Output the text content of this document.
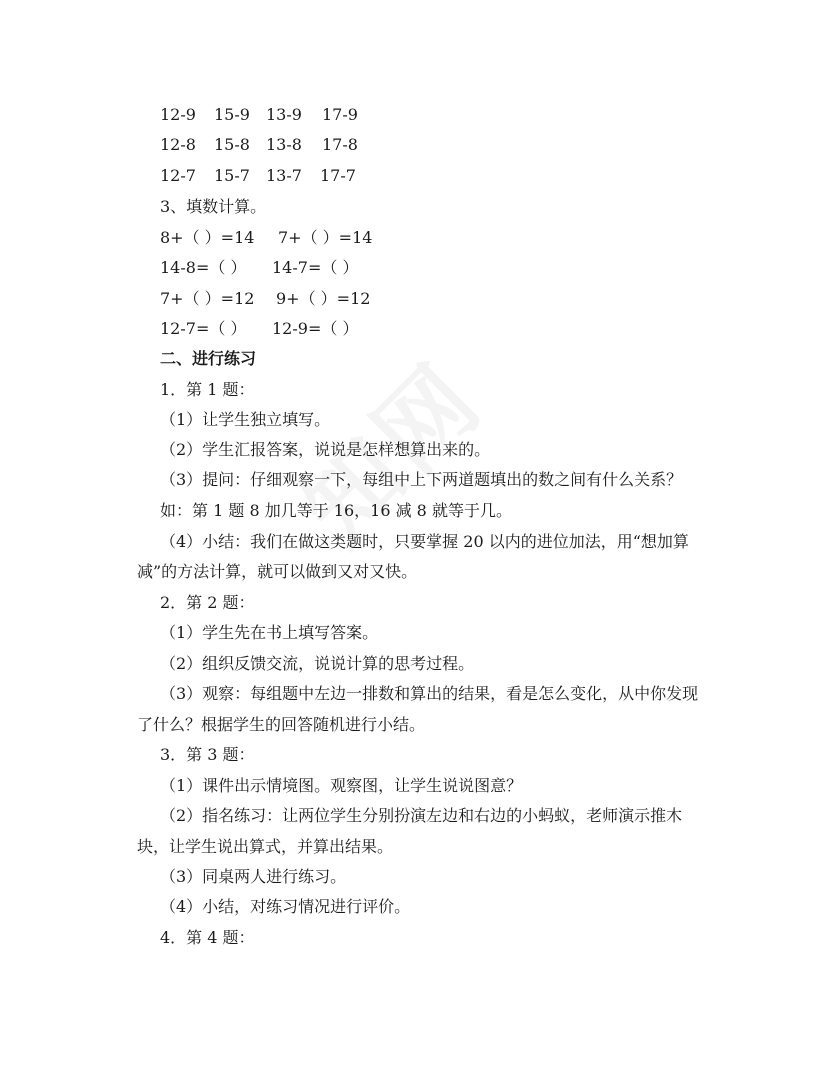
12-9 15-9 13-9 17-9
12-8 15-8 13-8 17-8
12-7 15-7 13-7 17-7
3、填数计算。
8+（ ）=14 7+（ ）=14
14-8=（ ） 14-7=（ ）
7+（ ）=12 9+（ ）=12
12-7=（ ） 12-9=（ ）
二、进行练习
1．第 1 题：
（1）让学生独立填写。
（2）学生汇报答案，说说是怎样想算出来的。
（3）提问：仔细观察一下，每组中上下两道题填出的数之间有什么关系？
如：第 1 题 8 加几等于 16，16 减 8 就等于几。
（4）小结：我们在做这类题时，只要掌握 20 以内的进位加法，用“想加算
减”的方法计算，就可以做到又对又快。
2．第 2 题：
（1）学生先在书上填写答案。
（2）组织反馈交流，说说计算的思考过程。
（3）观察：每组题中左边一排数和算出的结果，看是怎么变化，从中你发现
了什么？根据学生的回答随机进行小结。
3．第 3 题：
（1）课件出示情境图。观察图，让学生说说图意？
（2）指名练习：让两位学生分别扮演左边和右边的小蚂蚁，老师演示推木
块，让学生说出算式，并算出结果。
（3）同桌两人进行练习。
（4）小结，对练习情况进行评价。
4．第 4 题：
